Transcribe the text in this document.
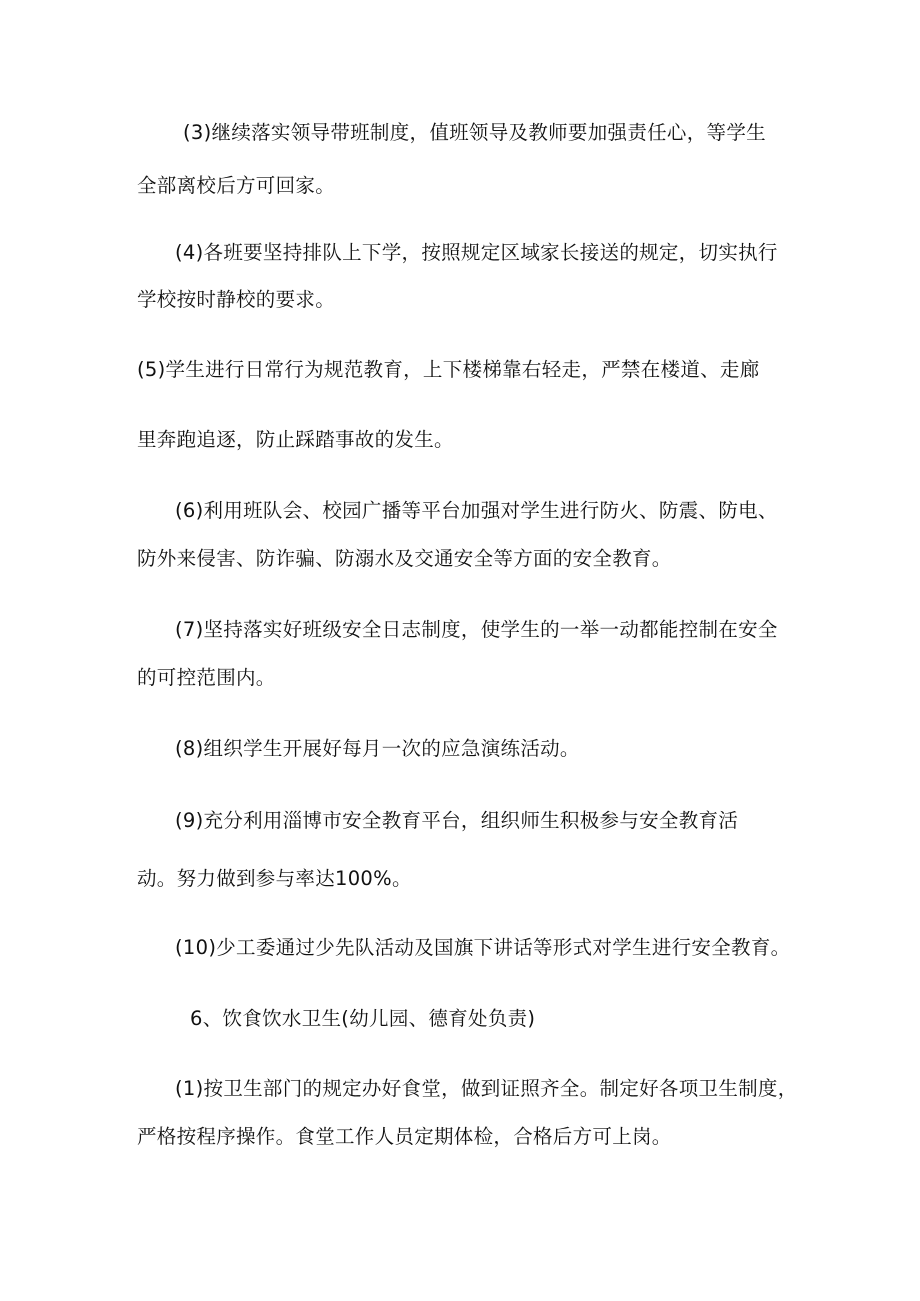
(3)继续落实领导带班制度，值班领导及教师要加强责任心，等学生
全部离校后方可回家。
(4)各班要坚持排队上下学，按照规定区域家长接送的规定，切实执行
学校按时静校的要求。
(5)学生进行日常行为规范教育，上下楼梯靠右轻走，严禁在楼道、走廊
里奔跑追逐，防止踩踏事故的发生。
(6)利用班队会、校园广播等平台加强对学生进行防火、防震、防电、
防外来侵害、防诈骗、防溺水及交通安全等方面的安全教育。
(7)坚持落实好班级安全日志制度，使学生的一举一动都能控制在安全
的可控范围内。
(8)组织学生开展好每月一次的应急演练活动。
(9)充分利用淄博市安全教育平台，组织师生积极参与安全教育活
动。努力做到参与率达100%。
(10)少工委通过少先队活动及国旗下讲话等形式对学生进行安全教育。
6、饮食饮水卫生(幼儿园、德育处负责)
(1)按卫生部门的规定办好食堂，做到证照齐全。制定好各项卫生制度，
严格按程序操作。食堂工作人员定期体检，合格后方可上岗。
